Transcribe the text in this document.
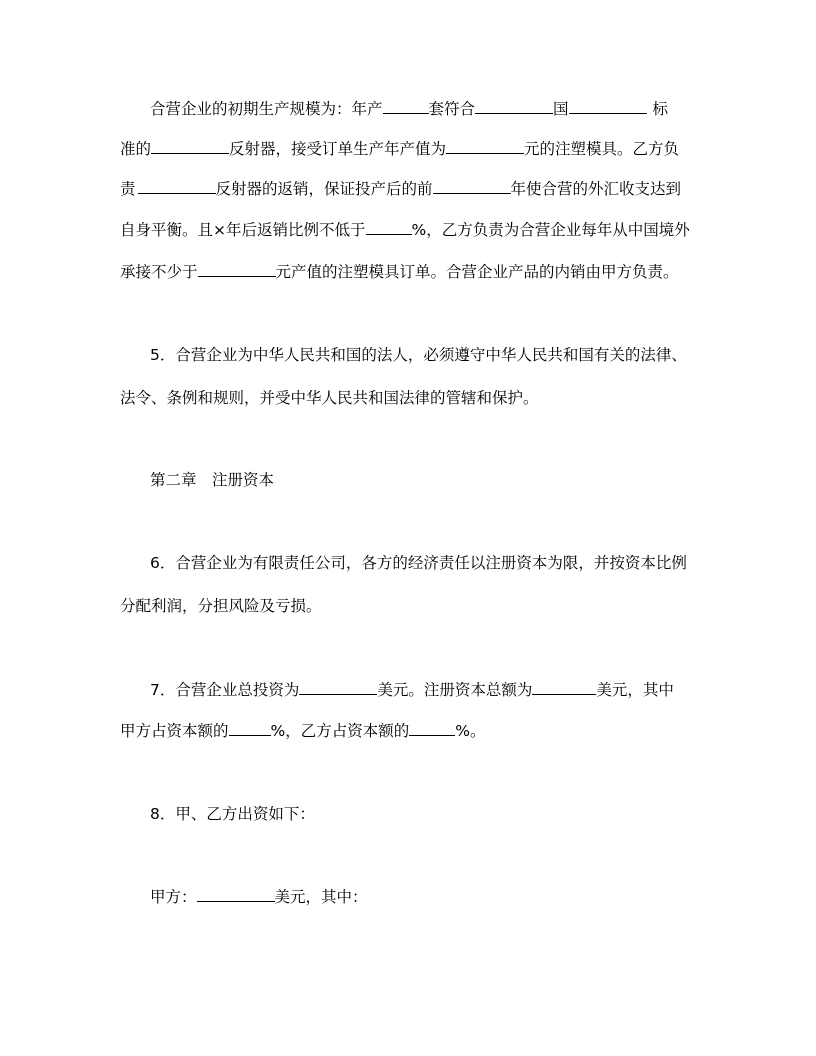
合营企业的初期生产规模为：年产	套符合	国	标
准的	反射器，接受订单生产年产值为	元的注塑模具。乙方负
责	反射器的返销，保证投产后的前	年使合营的外汇收支达到
自身平衡。且×年后返销比例不低于	%，乙方负责为合营企业每年从中国境外
承接不少于	元产值的注塑模具订单。合营企业产品的内销由甲方负责。
5．合营企业为中华人民共和国的法人，必须遵守中华人民共和国有关的法律、
法令、条例和规则，并受中华人民共和国法律的管辖和保护。
第二章　注册资本
6．合营企业为有限责任公司，各方的经济责任以注册资本为限，并按资本比例
分配利润，分担风险及亏损。
7．合营企业总投资为	美元。注册资本总额为	美元，其中
甲方占资本额的	%，乙方占资本额的	%。
8．甲、乙方出资如下：
甲方：	美元，其中：
